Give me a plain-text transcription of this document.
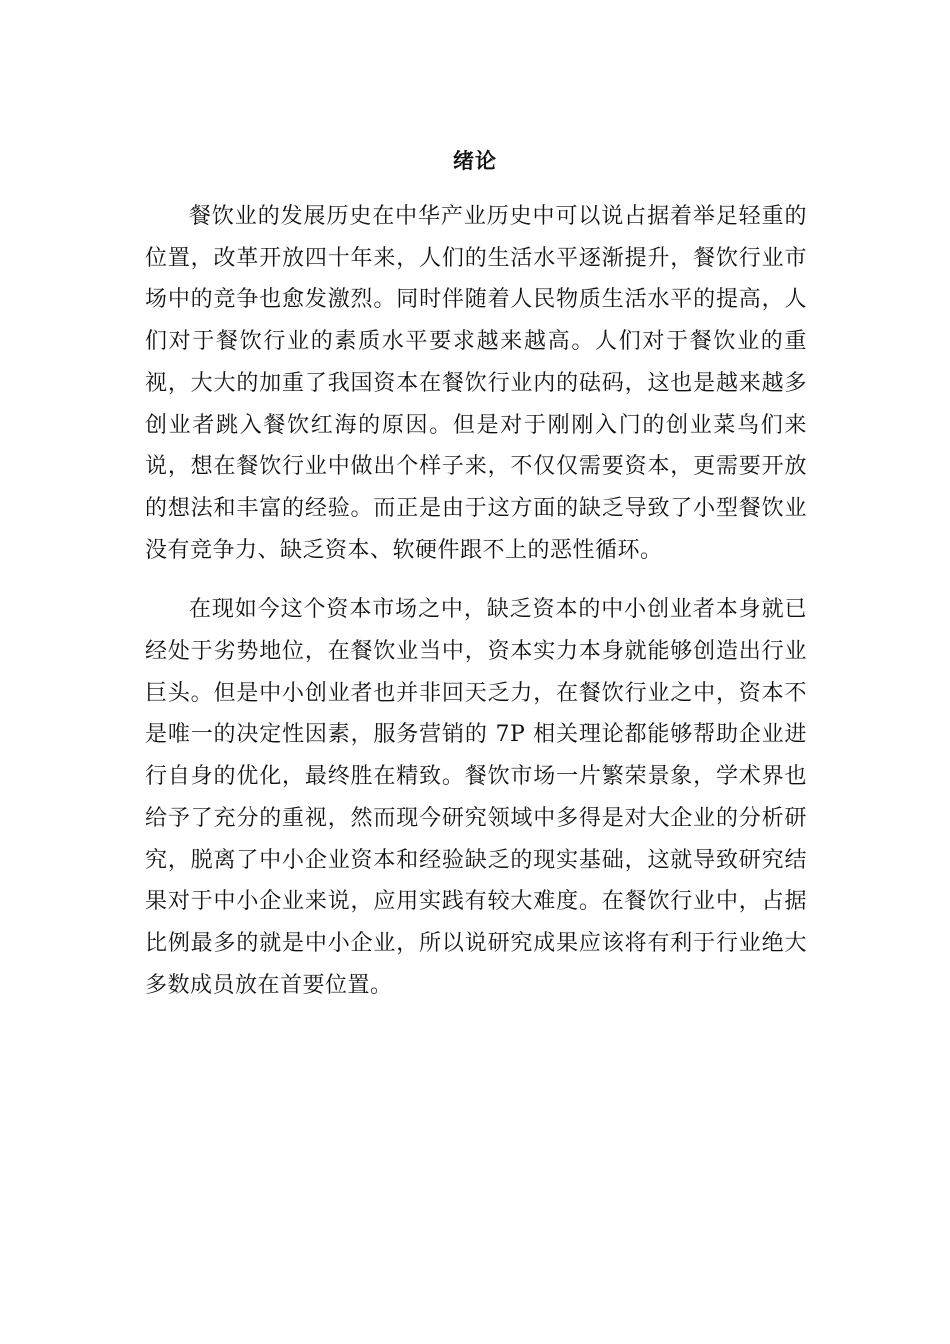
绪论

餐饮业的发展历史在中华产业历史中可以说占据着举足轻重的位置，改革开放四十年来，人们的生活水平逐渐提升，餐饮行业市场中的竞争也愈发激烈。同时伴随着人民物质生活水平的提高，人们对于餐饮行业的素质水平要求越来越高。人们对于餐饮业的重视，大大的加重了我国资本在餐饮行业内的砝码，这也是越来越多创业者跳入餐饮红海的原因。但是对于刚刚入门的创业菜鸟们来说，想在餐饮行业中做出个样子来，不仅仅需要资本，更需要开放的想法和丰富的经验。而正是由于这方面的缺乏导致了小型餐饮业没有竞争力、缺乏资本、软硬件跟不上的恶性循环。

在现如今这个资本市场之中，缺乏资本的中小创业者本身就已经处于劣势地位，在餐饮业当中，资本实力本身就能够创造出行业巨头。但是中小创业者也并非回天乏力，在餐饮行业之中，资本不是唯一的决定性因素，服务营销的 7P 相关理论都能够帮助企业进行自身的优化，最终胜在精致。餐饮市场一片繁荣景象，学术界也给予了充分的重视，然而现今研究领域中多得是对大企业的分析研究，脱离了中小企业资本和经验缺乏的现实基础，这就导致研究结果对于中小企业来说，应用实践有较大难度。在餐饮行业中，占据比例最多的就是中小企业，所以说研究成果应该将有利于行业绝大多数成员放在首要位置。
